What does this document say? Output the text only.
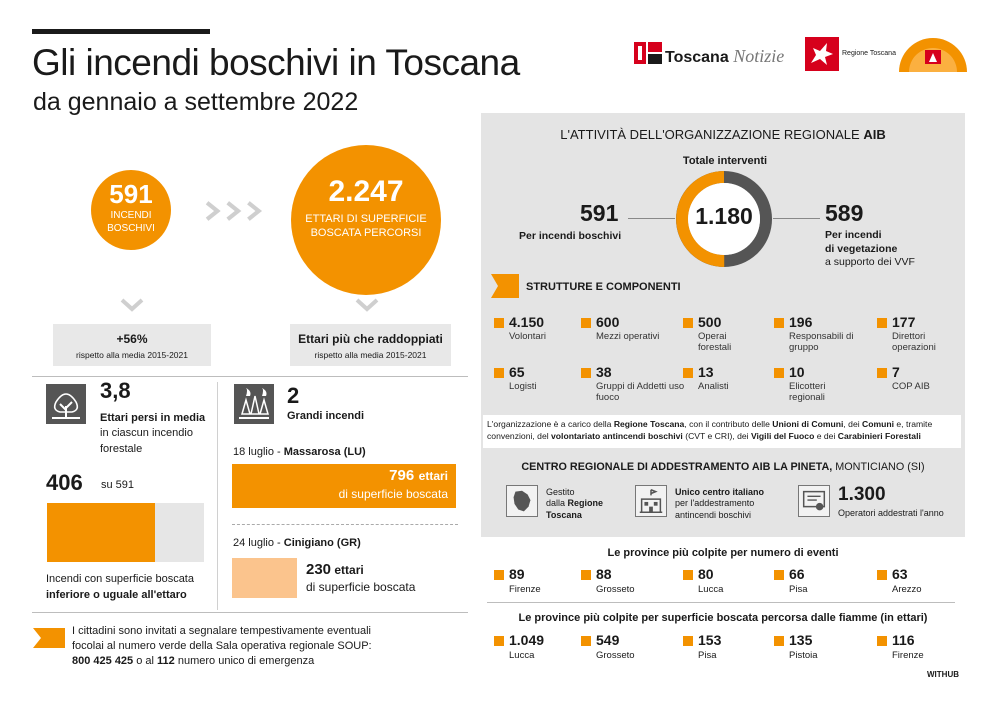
Gli incendi boschivi in Toscana
da gennaio a settembre 2022
Toscana Notizie	Regione Toscana
591
INCENDI
BOSCHIVI
2.247
ETTARI DI SUPERFICIE
BOSCATA PERCORSI
+56%
rispetto alla media 2015-2021
Ettari più che raddoppiati
rispetto alla media 2015-2021
3,8
Ettari persi in media
in ciascun incendio forestale
406 su 591
Incendi con superficie boscata
inferiore o uguale all'ettaro
2
Grandi incendi
18 luglio - Massarosa (LU)
796 ettari
di superficie boscata
24 luglio - Cinigiano (GR)
230 ettari
di superficie boscata
I cittadini sono invitati a segnalare tempestivamente eventuali
focolai al numero verde della Sala operativa regionale SOUP:
800 425 425 o al 112 numero unico di emergenza
L'ATTIVITÀ DELL'ORGANIZZAZIONE REGIONALE AIB
Totale interventi
1.180
591
Per incendi boschivi
589
Per incendi
di vegetazione
a supporto dei VVF
STRUTTURE E COMPONENTI
4.150
Volontari
600
Mezzi operativi
500
Operai forestali
196
Responsabili di gruppo
177
Direttori operazioni
65
Logisti
38
Gruppi di Addetti uso fuoco
13
Analisti
10
Elicotteri regionali
7
COP AIB
L'organizzazione è a carico della Regione Toscana, con il contributo delle Unioni di Comuni, dei Comuni e, tramite convenzioni, del volontariato antincendi boschivi (CVT e CRI), dei Vigili del Fuoco e dei Carabinieri Forestali
CENTRO REGIONALE DI ADDESTRAMENTO AIB LA PINETA, MONTICIANO (SI)
Gestito
dalla Regione Toscana
Unico centro italiano
per l'addestramento antincendi boschivi
1.300
Operatori addestrati l'anno
Le province più colpite per numero di eventi
89
Firenze
88
Grosseto
80
Lucca
66
Pisa
63
Arezzo
Le province più colpite per superficie boscata percorsa dalle fiamme (in ettari)
1.049
Lucca
549
Grosseto
153
Pisa
135
Pistoia
116
Firenze
WITHUB
